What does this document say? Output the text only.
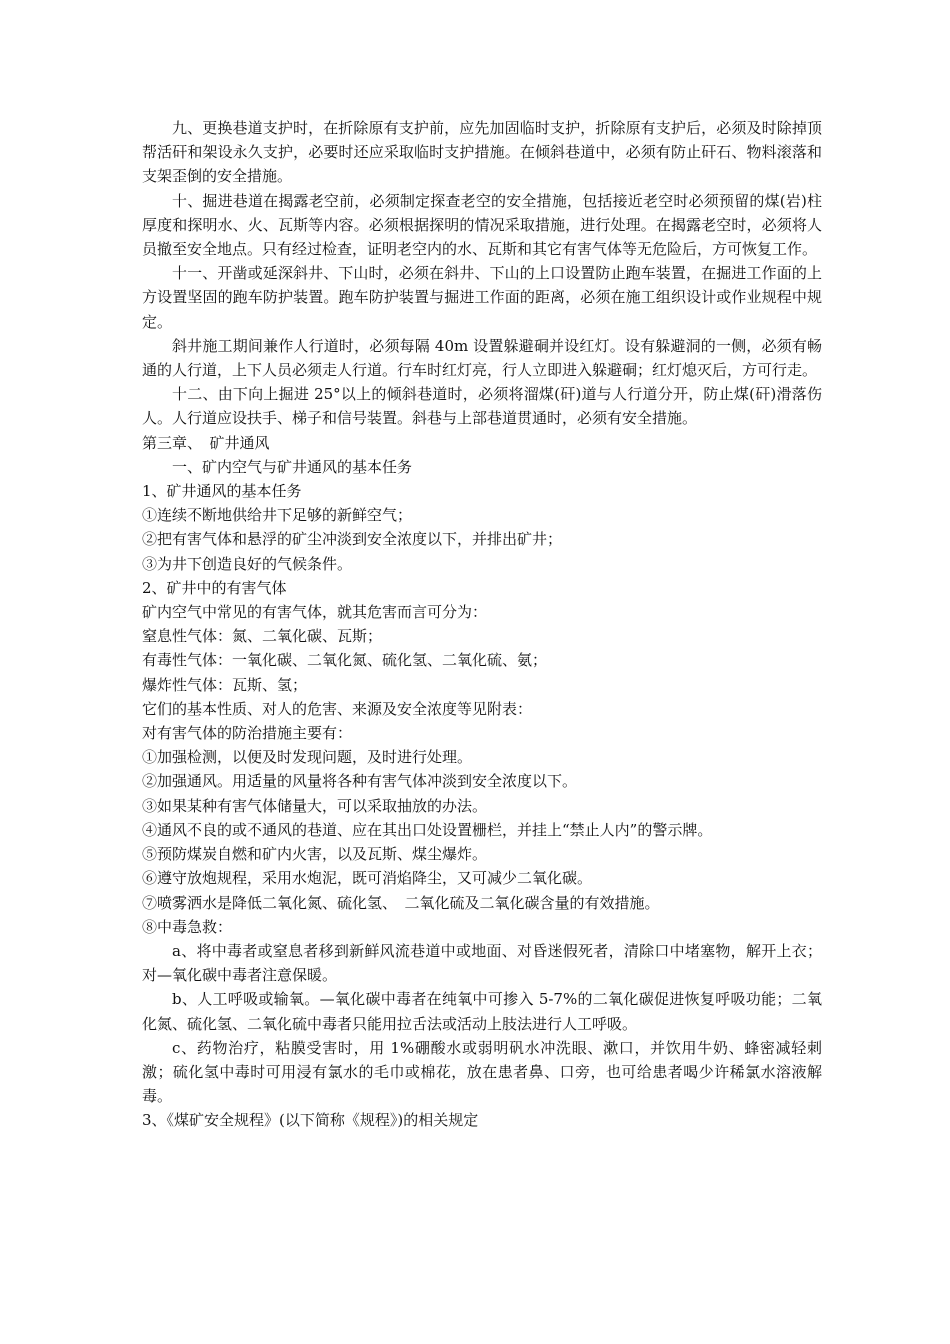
九、更换巷道支护时，在折除原有支护前，应先加固临时支护，折除原有支护后，必须及时除掉顶帮活矸和架设永久支护，必要时还应采取临时支护措施。在倾斜巷道中，必须有防止矸石、物料滚落和支架歪倒的安全措施。

十、掘进巷道在揭露老空前，必须制定探查老空的安全措施，包括接近老空时必须预留的煤(岩)柱厚度和探明水、火、瓦斯等内容。必须根据探明的情况采取措施，进行处理。在揭露老空时，必须将人员撤至安全地点。只有经过检查，证明老空内的水、瓦斯和其它有害气体等无危险后，方可恢复工作。

十一、开凿或延深斜井、下山时，必须在斜井、下山的上口设置防止跑车装置，在掘进工作面的上方设置坚固的跑车防护装置。跑车防护装置与掘进工作面的距离，必须在施工组织设计或作业规程中规定。

斜井施工期间兼作人行道时，必须每隔 40m 设置躲避硐并设红灯。设有躲避洞的一侧，必须有畅通的人行道，上下人员必须走人行道。行车时红灯亮，行人立即进入躲避硐；红灯熄灭后，方可行走。

十二、由下向上掘进 25°以上的倾斜巷道时，必须将溜煤(矸)道与人行道分开，防止煤(矸)滑落伤人。人行道应设扶手、梯子和信号装置。斜巷与上部巷道贯通时，必须有安全措施。

第三章、　矿井通风

一、矿内空气与矿井通风的基本任务

1、矿井通风的基本任务

①连续不断地供给井下足够的新鲜空气；

②把有害气体和悬浮的矿尘冲淡到安全浓度以下，并排出矿井；

③为井下创造良好的气候条件。

2、矿井中的有害气体

矿内空气中常见的有害气体，就其危害而言可分为：

窒息性气体：氮、二氧化碳、瓦斯；

有毒性气体：一氧化碳、二氧化氮、硫化氢、二氧化硫、氨；

爆炸性气体：瓦斯、氢；

它们的基本性质、对人的危害、来源及安全浓度等见附表：

对有害气体的防治措施主要有：

①加强检测，以便及时发现问题，及时进行处理。

②加强通风。用适量的风量将各种有害气体冲淡到安全浓度以下。

③如果某种有害气体储量大，可以采取抽放的办法。

④通风不良的或不通风的巷道、应在其出口处设置栅栏，并挂上“禁止人内”的警示牌。

⑤预防煤炭自燃和矿内火害，以及瓦斯、煤尘爆炸。

⑥遵守放炮规程，采用水炮泥，既可消焰降尘，又可减少二氧化碳。

⑦喷雾洒水是降低二氧化氮、硫化氢、　二氧化硫及二氧化碳含量的有效措施。

⑧中毒急救：

a、将中毒者或窒息者移到新鲜风流巷道中或地面、对昏迷假死者，清除口中堵塞物，解开上衣；对—氧化碳中毒者注意保暖。

b、人工呼吸或输氧。—氧化碳中毒者在纯氧中可掺入 5-7%的二氧化碳促进恢复呼吸功能；二氧化氮、硫化氢、二氧化硫中毒者只能用拉舌法或活动上肢法进行人工呼吸。

c、药物治疗，粘膜受害时，用 1%硼酸水或弱明矾水冲洗眼、漱口，并饮用牛奶、蜂密减轻刺激；硫化氢中毒时可用浸有氯水的毛巾或棉花，放在患者鼻、口旁，也可给患者喝少许稀氯水溶液解毒。

3、《煤矿安全规程》(以下简称《规程》)的相关规定
